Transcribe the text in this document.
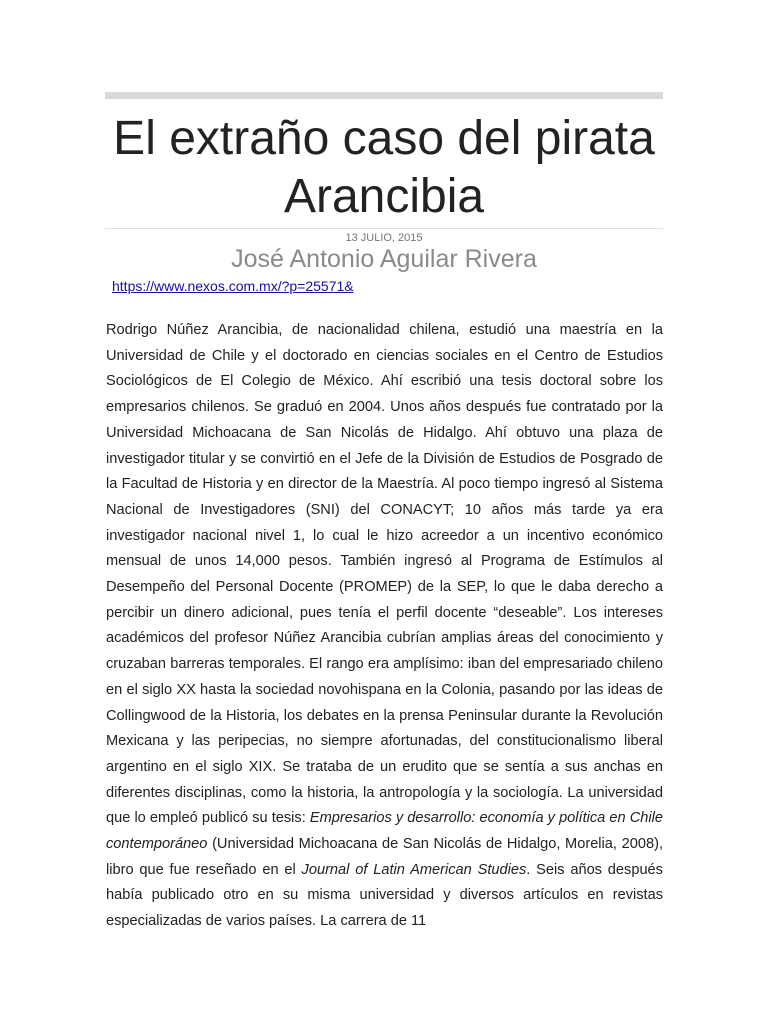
El extraño caso del pirata Arancibia
13 JULIO, 2015
José Antonio Aguilar Rivera
https://www.nexos.com.mx/?p=25571&

Rodrigo Núñez Arancibia, de nacionalidad chilena, estudió una maestría en la Universidad de Chile y el doctorado en ciencias sociales en el Centro de Estudios Sociológicos de El Colegio de México. Ahí escribió una tesis doctoral sobre los empresarios chilenos. Se graduó en 2004. Unos años después fue contratado por la Universidad Michoacana de San Nicolás de Hidalgo. Ahí obtuvo una plaza de investigador titular y se convirtió en el Jefe de la División de Estudios de Posgrado de la Facultad de Historia y en director de la Maestría. Al poco tiempo ingresó al Sistema Nacional de Investigadores (SNI) del CONACYT; 10 años más tarde ya era investigador nacional nivel 1, lo cual le hizo acreedor a un incentivo económico mensual de unos 14,000 pesos. También ingresó al Programa de Estímulos al Desempeño del Personal Docente (PROMEP) de la SEP, lo que le daba derecho a percibir un dinero adicional, pues tenía el perfil docente “deseable”. Los intereses académicos del profesor Núñez Arancibia cubrían amplias áreas del conocimiento y cruzaban barreras temporales. El rango era amplísimo: iban del empresariado chileno en el siglo XX hasta la sociedad novohispana en la Colonia, pasando por las ideas de Collingwood de la Historia, los debates en la prensa Peninsular durante la Revolución Mexicana y las peripecias, no siempre afortunadas, del constitucionalismo liberal argentino en el siglo XIX. Se trataba de un erudito que se sentía a sus anchas en diferentes disciplinas, como la historia, la antropología y la sociología. La universidad que lo empleó publicó su tesis: Empresarios y desarrollo: economía y política en Chile contemporáneo (Universidad Michoacana de San Nicolás de Hidalgo, Morelia, 2008), libro que fue reseñado en el Journal of Latin American Studies. Seis años después había publicado otro en su misma universidad y diversos artículos en revistas especializadas de varios países. La carrera de 11
